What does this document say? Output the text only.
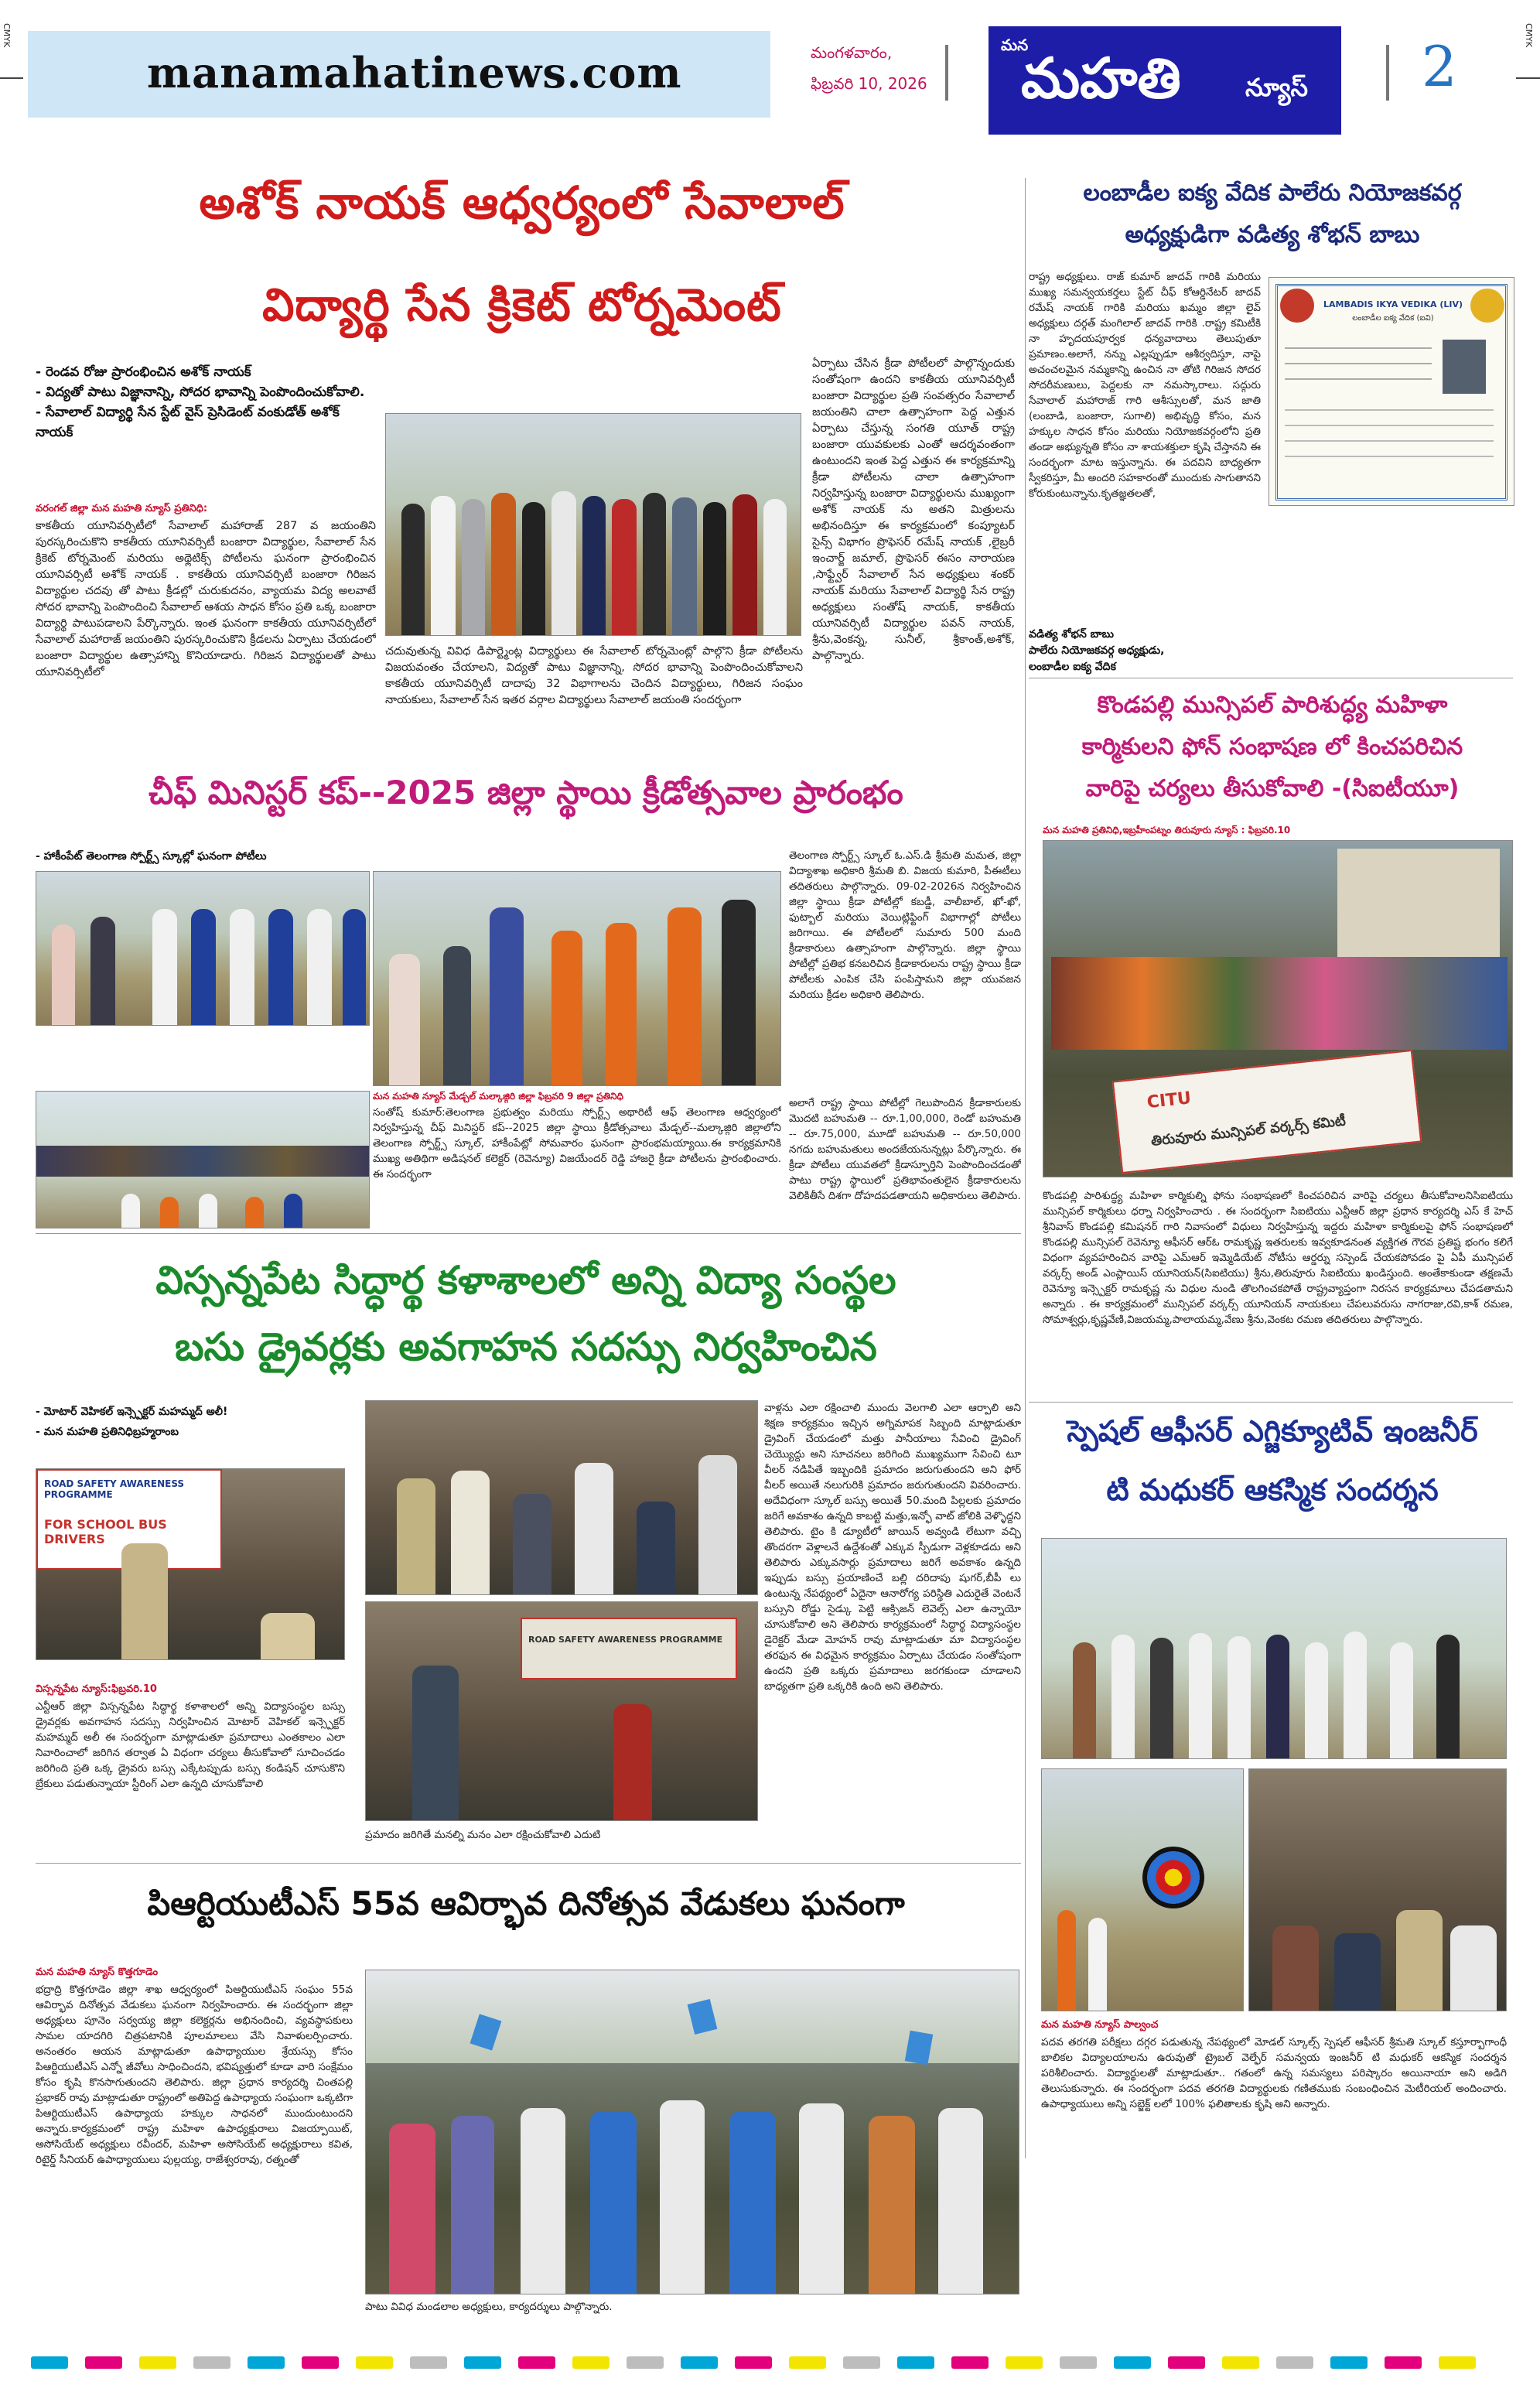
CMYK	CMYK
manamahatinews.com	మంగళవారం,
ఫిబ్రవరి 10, 2026
మన
మహతి	న్యూస్ 2
అశోక్ నాయక్ ఆధ్వర్యంలో సేవాలాల్
విద్యార్థి సేన క్రికెట్ టోర్నమెంట్
- రెండవ రోజు ప్రారంభించిన అశోక్ నాయక్
- విద్యతో పాటు విజ్ఞానాన్ని, సోదర భావాన్ని పెంపొందించుకోవాలి.
- సేవాలాల్ విద్యార్థి సేన స్టేట్ వైస్ ప్రెసిడెంట్ వంకుడోత్ అశోక్ నాయక్
వరంగల్ జిల్లా మన మహతి న్యూస్ ప్రతినిధి:
కాకతీయ యూనివర్సిటీలో సేవాలాల్ మహారాజ్ 287 వ జయంతిని పురస్కరించుకొని కాకతీయ యూనివర్సిటీ బంజారా విద్యార్థుల, సేవాలాల్ సేన క్రికెట్ టోర్నమెంట్ మరియు అథ్లెటిక్స్ పోటీలను ఘనంగా ప్రారంభించిన యూనివర్సిటీ అశోక్ నాయక్ . కాకతీయ యూనివర్సిటీ బంజారా గిరిజన విద్యార్థుల చదవు తో పాటు క్రీడల్లో చురుకుదనం, వ్యాయమ విద్య అలవాటే సోదర భావాన్ని పెంపొందించి సేవాలాల్ ఆశయ సాధన కోసం ప్రతి ఒక్క బంజారా విద్యార్థి పాటుపడాలని పేర్కొన్నారు. ఇంత ఘనంగా కాకతీయ యూనివర్సిటీలో సేవాలాల్ మహారాజ్ జయంతిని పురస్కరించుకొని క్రీడలను ఏర్పాటు చేయడంలో బంజారా విద్యార్థుల ఉత్సాహాన్ని కొనియాడారు. గిరిజన విద్యార్థులతో పాటు యూనివర్సిటీలో
చదువుతున్న వివిధ డిపార్ట్మెంట్ల విద్యార్థులు ఈ సేవాలాల్ టోర్నమెంట్లో పాల్గొని క్రీడా పోటీలను విజయవంతం చేయాలని, విద్యతో పాటు విజ్ఞానాన్ని, సోదర భావాన్ని పెంపొందించుకోవాలని కాకతీయ యూనివర్సిటీ దాదాపు 32 విభాగాలను చెందిన విద్యార్థులు, గిరిజన సంఘం నాయకులు, సేవాలాల్ సేన ఇతర వర్గాల విద్యార్థులు సేవాలాల్ జయంతి సందర్భంగా
ఏర్పాటు చేసిన క్రీడా పోటీలలో పాల్గొన్నందుకు సంతోషంగా ఉందని కాకతీయ యూనివర్సిటీ బంజారా విద్యార్థుల ప్రతి సంవత్సరం సేవాలాల్ జయంతిని చాలా ఉత్సాహంగా పెద్ద ఎత్తున ఏర్పాటు చేస్తున్న సంగతి యూత్ రాష్ట్ర బంజారా యువకులకు ఎంతో ఆదర్శవంతంగా ఉంటుందని ఇంత పెద్ద ఎత్తున ఈ కార్యక్రమాన్ని క్రీడా పోటీలను చాలా ఉత్సాహంగా నిర్వహిస్తున్న బంజారా విద్యార్థులను ముఖ్యంగా అశోక్ నాయక్ ను అతని మిత్రులను అభినందిస్తూ ఈ కార్యక్రమంలో కంప్యూటర్ సైన్స్ విభాగం ప్రొఫెసర్ రమేష్ నాయక్ ,లైబ్రరీ ఇంచార్జ్ జమాల్, ప్రొఫెసర్ ఈసం నారాయణ ,సాఫ్ట్వేర్ సేవాలాల్ సేన అధ్యక్షులు శంకర్ నాయక్ మరియు సేవాలాల్ విద్యార్థి సేన రాష్ట్ర అధ్యక్షులు సంతోష్ నాయక్, కాకతీయ యూనివర్సిటీ విద్యార్థుల పవన్ నాయక్, శ్రీను,వెంకన్న, సునీల్, శ్రీకాంత్,అశోక్, పాల్గొన్నారు.
లంబాడీల ఐక్య వేదిక పాలేరు నియోజకవర్గ
అధ్యక్షుడిగా వడిత్య శోభన్ బాబు
రాష్ట్ర అధ్యక్షులు. రాజ్ కుమార్ జాదవ్ గారికి మరియు ముఖ్య సమన్వయకర్తలు స్టేట్ చీఫ్ కోఆర్డినేటర్ జాదవ్ రమేష్ నాయక్ గారికి మరియు ఖమ్మం జిల్లా లైవ్ అధ్యక్షులు దర్గత్ మంగిలాల్ జాదవ్ గారికి .రాష్ట్ర కమిటీకి నా హృదయపూర్వక ధన్యవాదాలు తెలుపుతూ ప్రమాణం.అలాగే, నన్ను ఎల్లప్పుడూ ఆశీర్వదిస్తూ, నాపై అచంచలమైన నమ్మకాన్ని ఉంచిన నా తోటి గిరిజన సోదర సోదరీమణులు, పెద్దలకు నా నమస్కారాలు. సద్గురు సేవాలాల్ మహారాజ్ గారి ఆశీస్సులతో, మన జాతి (లంబాడి, బంజారా, సుగాలి) అభివృద్ధి కోసం, మన హక్కుల సాధన కోసం మరియు నియోజకవర్గంలోని ప్రతి తండా అభ్యున్నతి కోసం నా శాయశక్తులా కృషి చేస్తానని ఈ సందర్భంగా మాట ఇస్తున్నాను. ఈ పదవిని బాధ్యతగా స్వీకరిస్తూ, మీ అందరి సహకారంతో ముందుకు సాగుతానని కోరుకుంటున్నాను.కృతజ్ఞతలతో,
LAMBADIS IKYA VEDIKA (LIV)
లంబాడీల ఐక్య వేదిక (ఐవి)
వడిత్య శోభన్ బాబు
పాలేరు నియోజకవర్గ అధ్యక్షుడు,
లంబాడీల ఐక్య వేదిక
కొండపల్లి మున్సిపల్ పారిశుద్ధ్య మహిళా
కార్మికులని ఫోన్ సంభాషణ లో కించపరిచిన
వారిపై చర్యలు తీసుకోవాలి -(సిఐటీయూ)
మన మహతి ప్రతినిధి,ఇబ్రహీంపట్నం తిరువూరు న్యూస్ : ఫిబ్రవరి.10
CITU
తిరువూరు మున్సిపల్ వర్కర్స్ కమిటీ
కొండపల్లి పారిశుద్ధ్య మహిళా కార్మికుల్ని ఫోను సంభాషణలో కించపరిచిన వారిపై చర్యలు తీసుకోవాలనిసిఐటియు మున్సిపల్ కార్మికులు ధర్నా నిర్వహించారు . ఈ సందర్భంగా సిఐటియు ఎన్టీఆర్ జిల్లా ప్రధాన కార్యదర్శి ఎస్ కే హెచ్ శ్రీనివాస్ కొండపల్లి కమిషనర్ గారి నివాసంలో విధులు నిర్వహిస్తున్న ఇద్దరు మహిళా కార్మికులపై ఫోన్ సంభాషణలో కొండపల్లి మున్సిపల్ రెవెన్యూ ఆఫీసర్ ఆర్ఓ రామకృష్ణ ఇతరులకు ఇవ్వకూడనంత వ్యక్తిగత గౌరవ ప్రతిష్ట భంగం కలిగే విధంగా వ్యవహరించిన వారిపై ఎమ్ఆర్ ఇమ్మెడియేట్ నోటీసు ఆర్డర్ను సస్పెండ్ చేయకపోవడం పై ఏపీ మున్సిపల్ వర్కర్స్ అండ్ ఎంప్లాయిస్ యూనియన్(సిఐటియు) శ్రీను,తిరువూరు సిఐటియు ఖండిస్తుంది. అంతేకాకుండా తక్షణమే రెవెన్యూ ఇన్స్పెక్టర్ రామకృష్ణ ను విధుల నుండి తొలగించకపోతే రాష్ట్రవ్యాప్తంగా నిరసన కార్యక్రమాలు చేపడతామని అన్నారు . ఈ కార్యక్రమంలో మున్సిపల్ వర్కర్స్ యూనియన్ నాయకులు చేపలువరుసు నాగరాజు,రవి,కాశ్ రమణ, సోమాశ్వర్లు,కృష్ణవేణి,విజయమ్మ,పాలాయమ్మ,వేణు శ్రీను,వెంకట రమణ తదితరులు పాల్గొన్నారు.
చీఫ్ మినిస్టర్ కప్--2025 జిల్లా స్థాయి క్రీడోత్సవాల ప్రారంభం
- హాకీంపేట్ తెలంగాణ స్పోర్ట్స్ స్కూల్లో ఘనంగా పోటీలు	తెలంగాణ స్పోర్ట్స్ స్కూల్ ఓ.ఎస్.డి శ్రీమతి మమత, జిల్లా విద్యాశాఖ అధికారి శ్రీమతి బి. విజయ కుమారి, పీఈటీలు తదితరులు పాల్గొన్నారు. 09-02-2026న నిర్వహించిన జిల్లా స్థాయి క్రీడా పోటీల్లో కబడ్డీ, వాలీబాల్, ఖో-ఖో, ఫుట్బాల్ మరియు వెయిట్లిఫ్టింగ్ విభాగాల్లో పోటీలు జరిగాయి. ఈ పోటీలలో సుమారు 500 మంది క్రీడాకారులు ఉత్సాహంగా పాల్గొన్నారు. జిల్లా స్థాయి పోటీల్లో ప్రతిభ కనబరిచిన క్రీడాకారులను రాష్ట్ర స్థాయి క్రీడా పోటీలకు ఎంపిక చేసి పంపిస్తామని జిల్లా యువజన మరియు క్రీడల అధికారి తెలిపారు.
మన మహతి న్యూస్ మేడ్చల్ మల్కాజ్గిరి జిల్లా ఫిబ్రవరి 9 జిల్లా ప్రతినిధి
సంతోష్ కుమార్:తెలంగాణ ప్రభుత్వం మరియు స్పోర్ట్స్ అథారిటీ ఆఫ్ తెలంగాణ ఆధ్వర్యంలో నిర్వహిస్తున్న చీఫ్ మినిస్టర్ కప్--2025 జిల్లా స్థాయి క్రీడోత్సవాలు మేడ్చల్--మల్కాజ్గిరి జిల్లాలోని తెలంగాణ స్పోర్ట్స్ స్కూల్, హాకీంపేట్లో సోమవారం ఘనంగా ప్రారంభమయ్యాయి.ఈ కార్యక్రమానికి ముఖ్య అతిథిగా అడిషనల్ కలెక్టర్ (రెవెన్యూ) విజయేందర్ రెడ్డి హాజరై క్రీడా పోటీలను ప్రారంభించారు. ఈ సందర్భంగా
అలాగే రాష్ట్ర స్థాయి పోటీల్లో గెలుపొందిన క్రీడాకారులకు మొదటి బహుమతి -- రూ.1,00,000, రెండో బహుమతి -- రూ.75,000, మూడో బహుమతి -- రూ.50,000 నగదు బహుమతులు అందజేయనున్నట్లు పేర్కొన్నారు. ఈ క్రీడా పోటీలు యువతలో క్రీడాస్ఫూర్తిని పెంపొందించడంతో పాటు రాష్ట్ర స్థాయిలో ప్రతిభావంతులైన క్రీడాకారులను వెలికితీసే దిశగా దోహదపడతాయని అధికారులు తెలిపారు.
విస్సన్నపేట సిద్ధార్థ కళాశాలలో అన్ని విద్యా సంస్థల
బసు డ్రైవర్లకు అవగాహన సదస్సు నిర్వహించిన
- మోటార్ వెహికల్ ఇన్స్పెక్టర్ మహమ్మద్ అలీ!
- మన మహతి ప్రతినిధిబ్రహ్మరాంబ
ROAD SAFETY AWARENESS PROGRAMME
FOR SCHOOL BUS DRIVERS
విస్సన్నపేట న్యూస్:ఫిబ్రవరి.10
ఎన్టీఆర్ జిల్లా విస్సన్నపేట సిద్ధార్థ కళాశాలలో అన్ని విద్యాసంస్థల బస్సు డ్రైవర్లకు అవగాహన సదస్సు నిర్వహించిన మోటార్ వెహికల్ ఇన్స్పెక్టర్ మహమ్మద్ అలీ ఈ సందర్భంగా మాట్లాడుతూ ప్రమాదాలు ఎంతకాలం ఎలా నివారించాలో జరిగిన తర్వాత ఏ విధంగా చర్యలు తీసుకోవాలో సూచించడం జరిగింది ప్రతి ఒక్క డ్రైవరు బస్సు ఎక్కేటప్పుడు బస్సు కండిషన్ చూసుకొని బ్రేకులు పడుతున్నాయా స్టీరింగ్ ఎలా ఉన్నది చూసుకోవాలి
ROAD SAFETY AWARENESS PROGRAMME
ప్రమాదం జరిగితే మనల్ని మనం ఎలా రక్షించుకోవాలి ఎదుటి
వాళ్లను ఎలా రక్షించాలి ముందు వెలగాలి ఎలా ఆర్పాలి అని శిక్షణ కార్యక్రమం ఇచ్చిన అగ్నిమాపక సిబ్బంది మాట్లాడుతూ డ్రైవింగ్ చేయడంలో మత్తు పానీయాలు సేవించి డ్రైవింగ్ చెయ్యొద్దు అని సూచనలు జరిగింది ముఖ్యముగా సేవించి టూ వీలర్ నడిపితే ఇబ్బందికి ప్రమాదం జరుగుతుందని అని ఫోర్ వీలర్ అయితే నలుగురికి ప్రమాదం జరుగుతుందని వివరించారు. అదేవిధంగా స్కూల్ బస్సు అయితే 50.మంది పిల్లలకు ప్రమాదం జరిగే అవకాశం ఉన్నది కాబట్టి మత్తు,ఇన్ఫో వాట్ జోలికి వెళ్ళొద్దని తెలిపారు. టైం కి డ్యూటీలో జాయిన్ అవ్వండి లేటుగా వచ్చి తొందరగా వెళ్లాలనే ఉద్దేశంతో ఎక్కువ స్పీడుగా వెళ్లకూడదు అని తెలిపారు ఎక్కువసార్లు ప్రమాదాలు జరిగే అవకాశం ఉన్నది ఇప్పుడు బస్సు ప్రయాణించే బల్లి దరిదాపు షుగర్,బీపీ లు ఉంటున్న నేపథ్యంలో ఏదైనా ఆనారోగ్య పరిస్థితి ఎదురైతే వెంటనే బస్సుని రోడ్డు సైడ్కు పెట్టి ఆక్సిజన్ లెవెల్స్ ఎలా ఉన్నాయో చూసుకోవాలి అని తెలిపారు కార్యక్రమంలో సిద్ధార్థ విద్యాసంస్థల డైరెక్టర్ మేడా మోహన్ రావు మాట్లాడుతూ మా విద్యాసంస్థల తరఫున ఈ విధమైన కార్యక్రమం ఏర్పాటు చేయడం సంతోషంగా ఉందని ప్రతి ఒక్కరు ప్రమాదాలు జరగకుండా చూడాలని బాధ్యతగా ప్రతి ఒక్కరికి ఉంది అని తెలిపారు.
స్పెషల్ ఆఫీసర్ ఎగ్జిక్యూటివ్ ఇంజనీర్
టి మధుకర్ ఆకస్మిక సందర్శన
మన మహతి న్యూస్ పాల్వంచ
పదవ తరగతి పరీక్షలు దగ్గర పడుతున్న నేపథ్యంలో మోడల్ స్కూల్స్ స్పెషల్ ఆఫీసర్ శ్రీమతి స్కూల్ కస్తూర్బాగాంధీ బాలికల విద్యాలయాలను ఉరువుతో ట్రైబల్ వెల్ఫేర్ సమన్వయ ఇంజనీర్ టి మధుకర్ ఆకస్మిక సందర్శన పరిశీలించారు. విద్యార్థులతో మాట్లాడుతూ.. గతంలో ఉన్న సమస్యలు పరిష్కారం అయినాయా అని అడిగి తెలుసుకున్నారు. ఈ సందర్భంగా పదవ తరగతి విద్యార్థులకు గణితముకు సంబంధించిన మెటీరియల్ అందించారు. ఉపాధ్యాయులు అన్ని సబ్జెక్ట్ లలో 100% ఫలితాలకు కృషి అని అన్నారు.
పిఆర్టియుటీఎస్ 55వ ఆవిర్భావ దినోత్సవ వేడుకలు ఘనంగా
మన మహతి న్యూస్ కొత్తగూడెం
భద్రాద్రి కొత్తగూడెం జిల్లా శాఖ ఆధ్వర్యంలో పిఆర్టియుటీఎస్ సంఘం 55వ ఆవిర్భావ దినోత్సవ వేడుకలు ఘనంగా నిర్వహించారు. ఈ సందర్భంగా జిల్లా అధ్యక్షులు పూనెం సర్వయ్య జిల్లా కలెక్టర్లను అభినందించి, వ్యవస్థాపకులు సామల యాదగిరి చిత్రపటానికి పూలమాలలు వేసి నివాళులర్పించారు. అనంతరం ఆయన మాట్లాడుతూ ఉపాధ్యాయుల శ్రేయస్సు కోసం పిఆర్టియుటీఎస్ ఎన్నో జీవోలు సాధించిందని, భవిష్యత్తులో కూడా వారి సంక్షేమం కోసం కృషి కొనసాగుతుందని తెలిపారు. జిల్లా ప్రధాన కార్యదర్శి చింతపల్లి ప్రభాకర్ రావు మాట్లాడుతూ రాష్ట్రంలో అతిపెద్ద ఉపాధ్యాయ సంఘంగా ఒక్కటిగా పిఆర్టియుటీఎస్ ఉపాధ్యాయ హక్కుల సాధనలో ముందుంటుందని అన్నారు.కార్యక్రమంలో రాష్ట్ర మహిళా ఉపాధ్యక్షురాలు విజయ్పాయిట్, అసోసియేట్ అధ్యక్షులు రవీందర్, మహిళా అసోసియేట్ అధ్యక్షురాలు కవిత, రిటైర్డ్ సీనియర్ ఉపాధ్యాయులు పుల్లయ్య, రాజేశ్వరరావు, రత్నంతో
పాటు వివిధ మండలాల అధ్యక్షులు, కార్యదర్శులు పాల్గొన్నారు.
